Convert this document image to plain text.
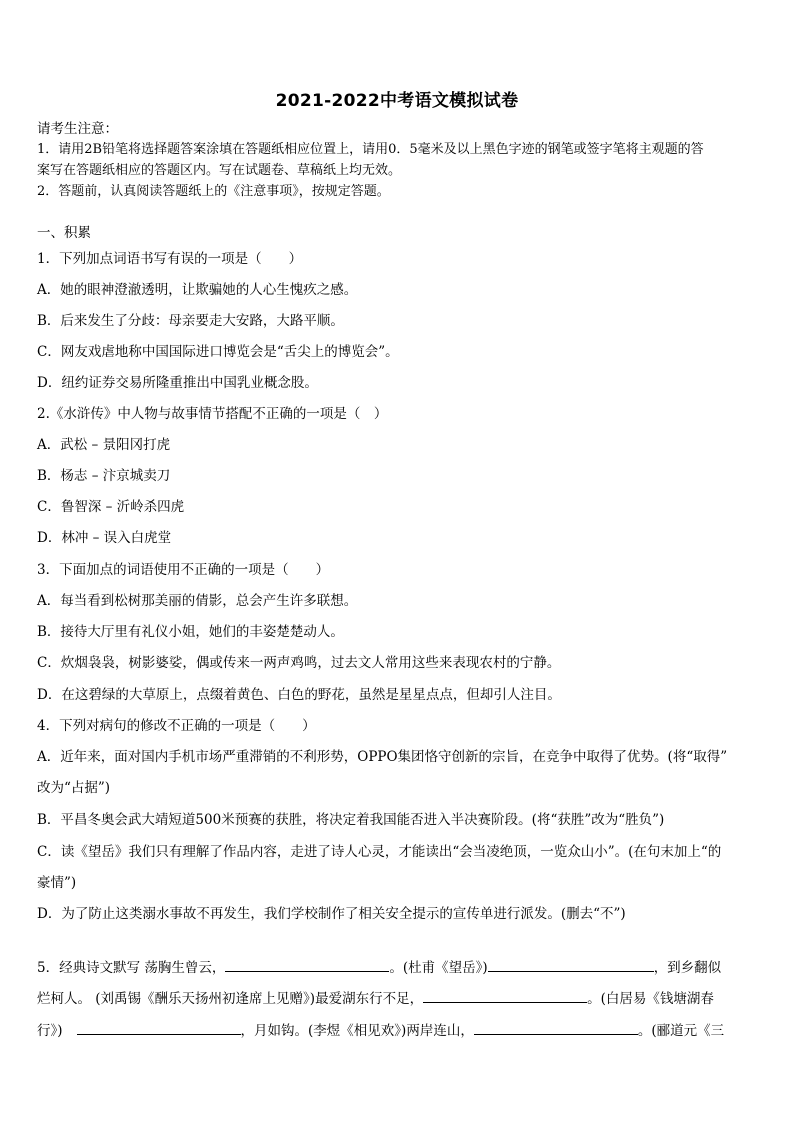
2021-2022中考语文模拟试卷
请考生注意：
1．请用2B铅笔将选择题答案涂填在答题纸相应位置上，请用0．5毫米及以上黑色字迹的钢笔或签字笔将主观题的答
案写在答题纸相应的答题区内。写在试题卷、草稿纸上均无效。
2．答题前，认真阅读答题纸上的《注意事项》，按规定答题。
一、积累
1．下列加点词语书写有误的一项是（　　）
A．她的眼神澄澈透明，让欺骗她的人心生愧疚之感。
B．后来发生了分歧：母亲要走大安路，大路平顺。
C．网友戏虐地称中国国际进口博览会是“舌尖上的博览会”。
D．纽约证券交易所隆重推出中国乳业概念股。
2.《水浒传》中人物与故事情节搭配不正确的一项是（　）
A．武松 – 景阳冈打虎
B．杨志 – 汴京城卖刀
C．鲁智深 – 沂岭杀四虎
D．林冲 – 误入白虎堂
3．下面加点的词语使用不正确的一项是（　　）
A．每当看到松树那美丽的倩影，总会产生许多联想。
B．接待大厅里有礼仪小姐，她们的丰姿楚楚动人。
C．炊烟袅袅，树影婆娑，偶或传来一两声鸡鸣，过去文人常用这些来表现农村的宁静。
D．在这碧绿的大草原上，点缀着黄色、白色的野花，虽然是星星点点，但却引人注目。
4．下列对病句的修改不正确的一项是（　　）
A．近年来，面对国内手机市场严重滞销的不利形势，OPPO集团恪守创新的宗旨，在竞争中取得了优势。(将“取得”
改为“占据”)
B．平昌冬奥会武大靖短道500米预赛的获胜，将决定着我国能否进入半决赛阶段。(将“获胜”改为“胜负”)
C．读《望岳》我们只有理解了作品内容，走进了诗人心灵，才能读出“会当凌绝顶，一览众山小”。(在句末加上“的
豪情”)
D．为了防止这类溺水事故不再发生，我们学校制作了相关安全提示的宣传单进行派发。(删去“不”)
5．经典诗文默写 荡胸生曾云，	。(杜甫《望岳》)	，到乡翻似
烂柯人。 (刘禹锡《酬乐天扬州初逢席上见赠》)最爱湖东行不足，	。(白居易《钱塘湖春
行》)	，月如钩。(李煜《相见欢》)两岸连山，	。(郦道元《三
